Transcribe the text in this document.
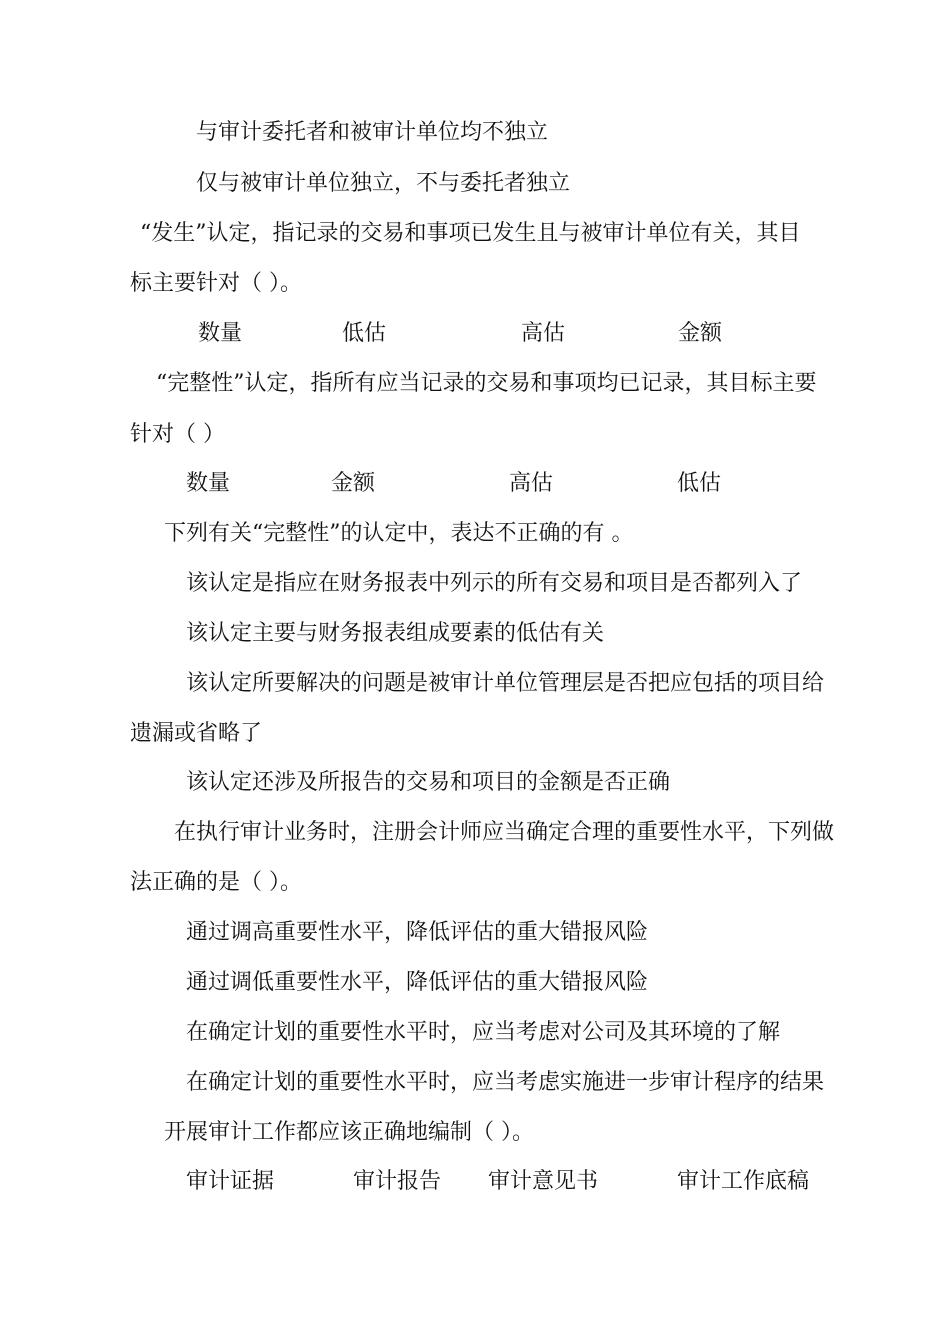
与审计委托者和被审计单位均不独立
仅与被审计单位独立，不与委托者独立
“发生”认定，指记录的交易和事项已发生且与被审计单位有关，其目
标主要针对（ ）。
数量	低估	高估	金额
“完整性”认定，指所有应当记录的交易和事项均已记录，其目标主要
针对（ ）
数量	金额	高估	低估
下列有关“完整性”的认定中，表达不正确的有 。
该认定是指应在财务报表中列示的所有交易和项目是否都列入了
该认定主要与财务报表组成要素的低估有关
该认定所要解决的问题是被审计单位管理层是否把应包括的项目给
遗漏或省略了
该认定还涉及所报告的交易和项目的金额是否正确
在执行审计业务时，注册会计师应当确定合理的重要性水平，下列做
法正确的是（ ）。
通过调高重要性水平，降低评估的重大错报风险
通过调低重要性水平，降低评估的重大错报风险
在确定计划的重要性水平时，应当考虑对公司及其环境的了解
在确定计划的重要性水平时，应当考虑实施进一步审计程序的结果
开展审计工作都应该正确地编制（ ）。
审计证据	审计报告 审计意见书	审计工作底稿
